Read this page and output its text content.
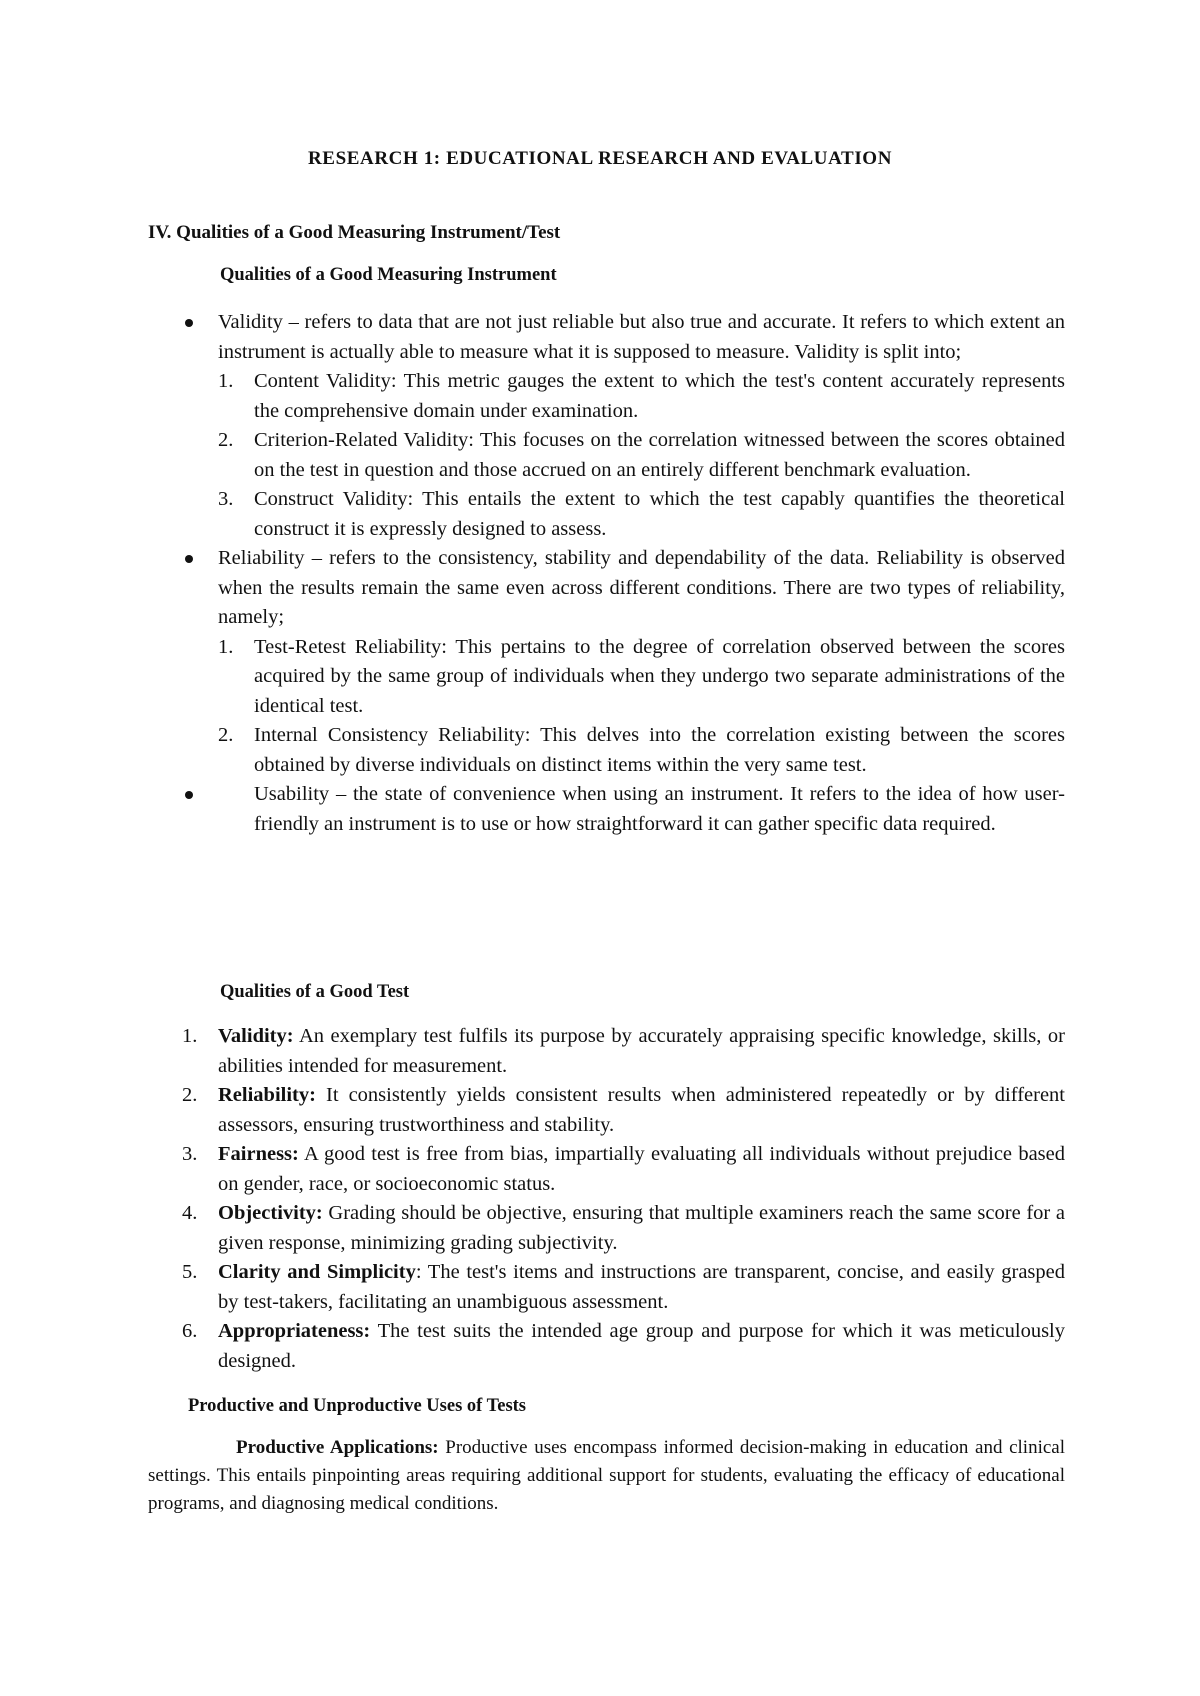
RESEARCH 1: EDUCATIONAL RESEARCH AND EVALUATION
IV. Qualities of a Good Measuring Instrument/Test
Qualities of a Good Measuring Instrument
Validity – refers to data that are not just reliable but also true and accurate. It refers to which extent an instrument is actually able to measure what it is supposed to measure. Validity is split into;
1. Content Validity: This metric gauges the extent to which the test's content accurately represents the comprehensive domain under examination.
2. Criterion-Related Validity: This focuses on the correlation witnessed between the scores obtained on the test in question and those accrued on an entirely different benchmark evaluation.
3. Construct Validity: This entails the extent to which the test capably quantifies the theoretical construct it is expressly designed to assess.
Reliability – refers to the consistency, stability and dependability of the data. Reliability is observed when the results remain the same even across different conditions. There are two types of reliability, namely;
1. Test-Retest Reliability: This pertains to the degree of correlation observed between the scores acquired by the same group of individuals when they undergo two separate administrations of the identical test.
2. Internal Consistency Reliability: This delves into the correlation existing between the scores obtained by diverse individuals on distinct items within the very same test.
Usability – the state of convenience when using an instrument. It refers to the idea of how user-friendly an instrument is to use or how straightforward it can gather specific data required.
Qualities of a Good Test
1. Validity: An exemplary test fulfils its purpose by accurately appraising specific knowledge, skills, or abilities intended for measurement.
2. Reliability: It consistently yields consistent results when administered repeatedly or by different assessors, ensuring trustworthiness and stability.
3. Fairness: A good test is free from bias, impartially evaluating all individuals without prejudice based on gender, race, or socioeconomic status.
4. Objectivity: Grading should be objective, ensuring that multiple examiners reach the same score for a given response, minimizing grading subjectivity.
5. Clarity and Simplicity: The test's items and instructions are transparent, concise, and easily grasped by test-takers, facilitating an unambiguous assessment.
6. Appropriateness: The test suits the intended age group and purpose for which it was meticulously designed.
Productive and Unproductive Uses of Tests

Productive Applications: Productive uses encompass informed decision-making in education and clinical settings. This entails pinpointing areas requiring additional support for students, evaluating the efficacy of educational programs, and diagnosing medical conditions.
